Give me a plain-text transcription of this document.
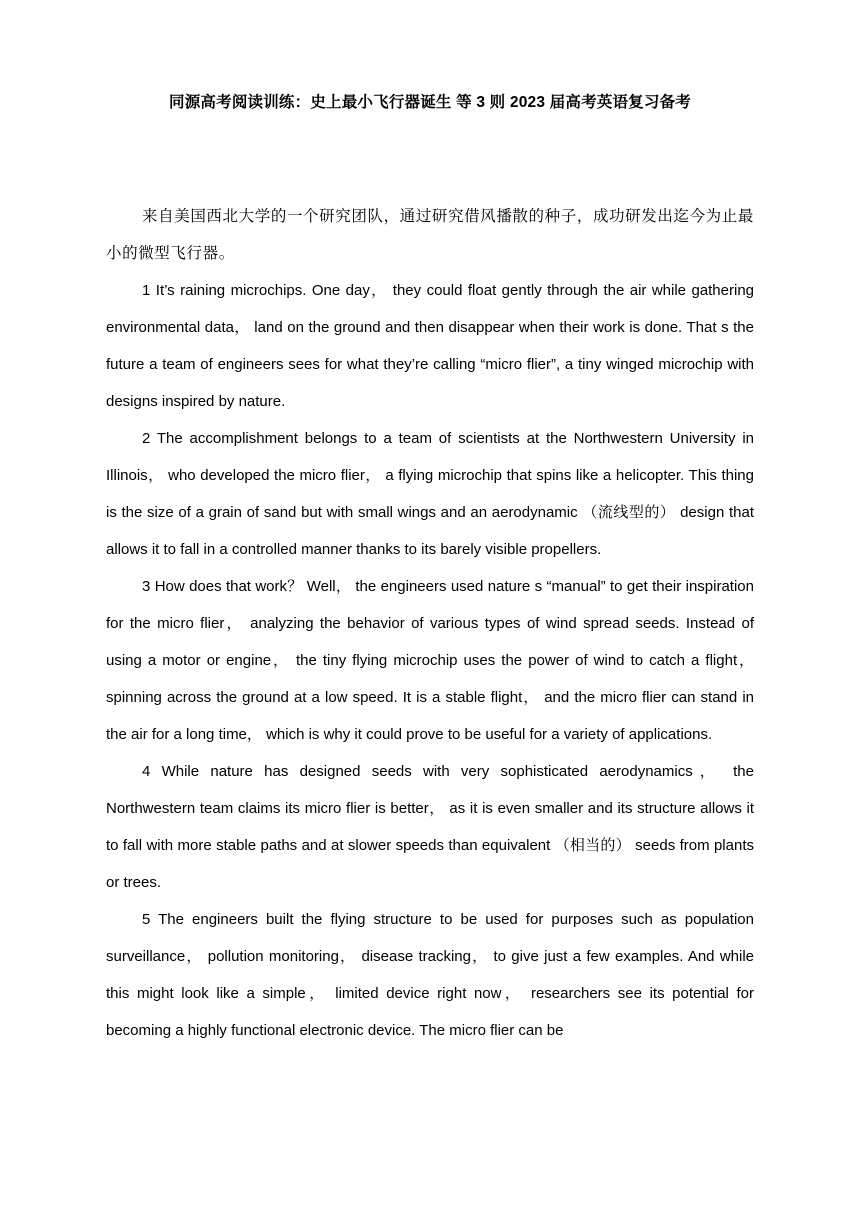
同源高考阅读训练：史上最小飞行器诞生 等 3 则 2023 届高考英语复习备考

来自美国西北大学的一个研究团队，通过研究借风播散的种子，成功研发出迄今为止最小的微型飞行器。

1 It’s raining microchips. One day， they could float gently through the air while gathering environmental data， land on the ground and then disappear when their work is done. That s the future a team of engineers sees for what they’re calling “micro flier”, a tiny winged microchip with designs inspired by nature.

2 The accomplishment belongs to a team of scientists at the Northwestern University in Illinois， who developed the micro flier， a flying microchip that spins like a helicopter. This thing is the size of a grain of sand but with small wings and an aerodynamic （流线型的） design that allows it to fall in a controlled manner thanks to its barely visible propellers.

3 How does that work？ Well， the engineers used nature s “manual” to get their inspiration for the micro flier， analyzing the behavior of various types of wind spread seeds. Instead of using a motor or engine， the tiny flying microchip uses the power of wind to catch a flight，spinning across the ground at a low speed. It is a stable flight， and the micro flier can stand in the air for a long time， which is why it could prove to be useful for a variety of applications.

4 While nature has designed seeds with very sophisticated aerodynamics， the Northwestern team claims its micro flier is better， as it is even smaller and its structure allows it to fall with more stable paths and at slower speeds than equivalent （相当的） seeds from plants or trees.

5 The engineers built the flying structure to be used for purposes such as population surveillance， pollution monitoring， disease tracking， to give just a few examples. And while this might look like a simple， limited device right now， researchers see its potential for becoming a highly functional electronic device. The micro flier can be
